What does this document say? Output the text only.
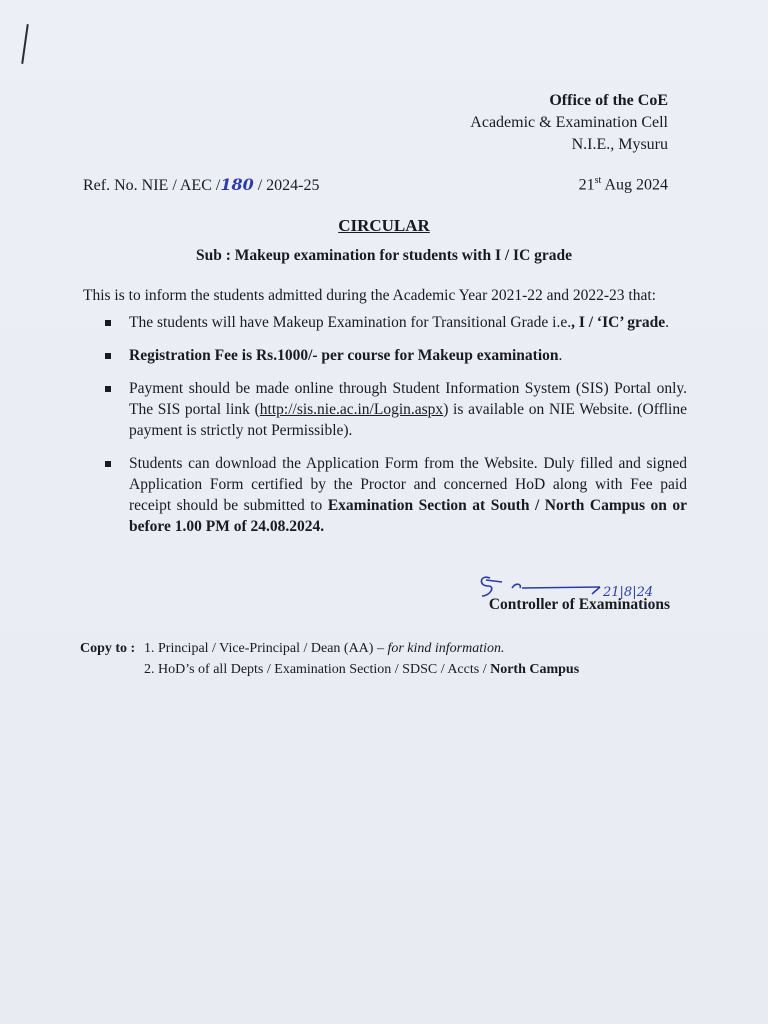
Office of the CoE
Academic & Examination Cell
N.I.E., Mysuru
Ref. No. NIE / AEC /180 / 2024-25	21st Aug 2024
CIRCULAR
Sub : Makeup examination for students with I / IC grade
This is to inform the students admitted during the Academic Year 2021-22 and 2022-23 that:
The students will have Makeup Examination for Transitional Grade i.e., I / ‘IC’ grade.
Registration Fee is Rs.1000/- per course for Makeup examination.
Payment should be made online through Student Information System (SIS) Portal only. The SIS portal link (http://sis.nie.ac.in/Login.aspx) is available on NIE Website. (Offline payment is strictly not Permissible).
Students can download the Application Form from the Website. Duly filled and signed Application Form certified by the Proctor and concerned HoD along with Fee paid receipt should be submitted to Examination Section at South / North Campus on or before 1.00 PM of 24.08.2024.
21|8|24
Controller of Examinations
Copy to : 1. Principal / Vice-Principal / Dean (AA) – for kind information.
2. HoD’s of all Depts / Examination Section / SDSC / Accts / North Campus
